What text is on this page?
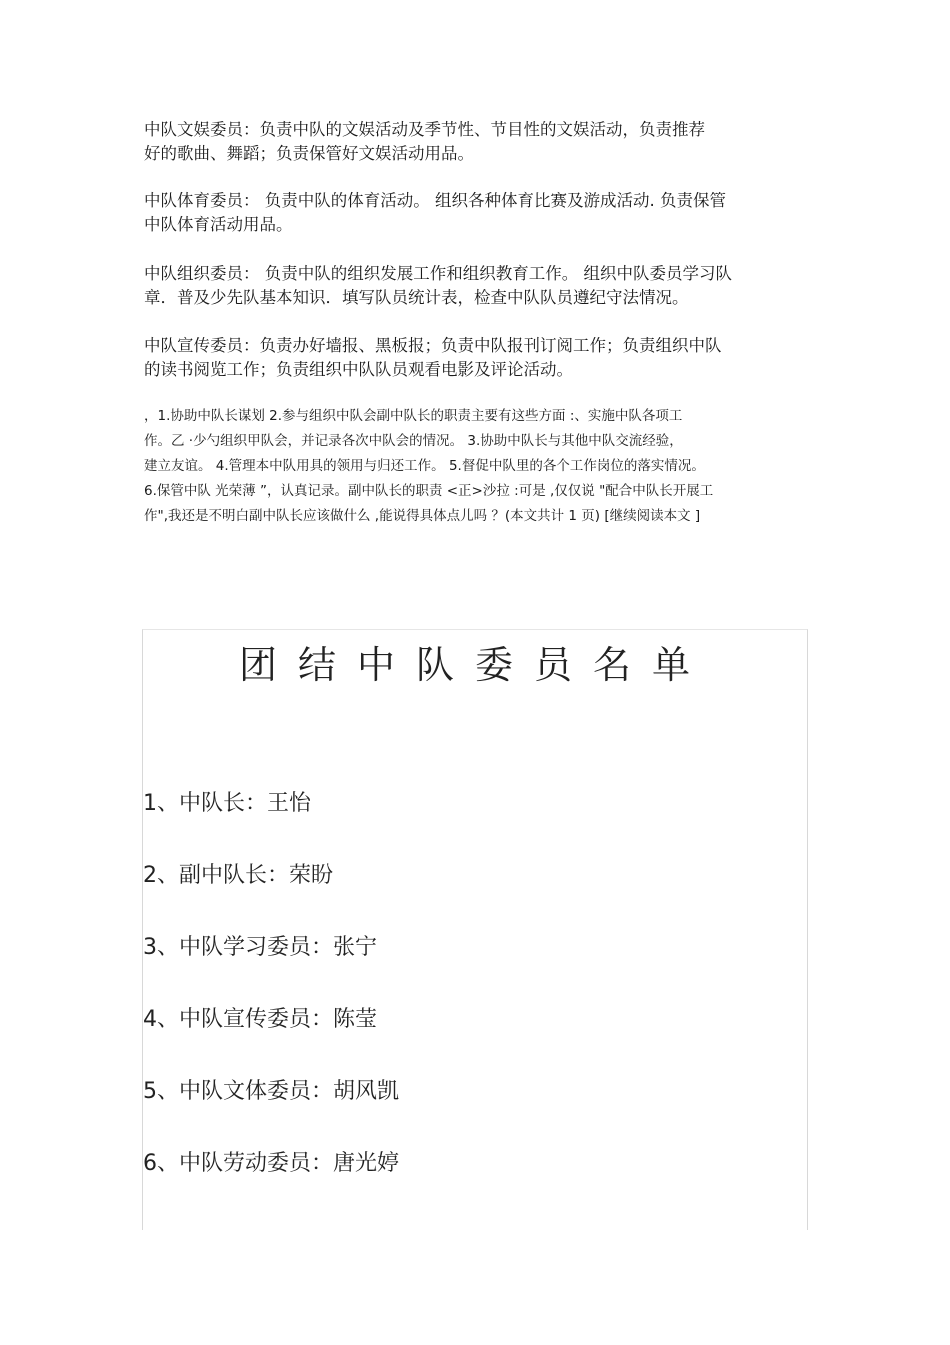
中队文娱委员：负责中队的文娱活动及季节性、节目性的文娱活动，负责推荐
好的歌曲、舞蹈；负责保管好文娱活动用品。

中队体育委员： 负责中队的体育活动。 组织各种体育比赛及游成活动. 负责保管
中队体育活动用品。

中队组织委员： 负责中队的组织发展工作和组织教育工作。 组织中队委员学习队
章．普及少先队基本知识．填写队员统计表，检查中队队员遵纪守法情况。

中队宣传委员：负责办好墙报、黑板报；负责中队报刊订阅工作；负责组织中队
的读书阅览工作；负责组织中队队员观看电影及评论活动。

，1.协助中队长谋划 2.参与组织中队会副中队长的职责主要有这些方面 :、实施中队各项工
作。乙 ·少勺组织甲队会，并记录各次中队会的情况。 3.协助中队长与其他中队交流经验，
建立友谊。 4.管理本中队用具的领用与归还工作。 5.督促中队里的各个工作岗位的落实情况。
6.保管中队 光荣薄 ”，认真记录。副中队长的职责 <正>沙拉 :可是 ,仅仅说 "配合中队长开展工
作",我还是不明白副中队长应该做什么 ,能说得具体点儿吗 ？(本文共计 1 页) [继续阅读本文 ]

团结中队委员名单
1、中队长：王怡
2、副中队长：荣盼
3、中队学习委员：张宁
4、中队宣传委员：陈莹
5、中队文体委员：胡风凯
6、中队劳动委员：唐光婷
